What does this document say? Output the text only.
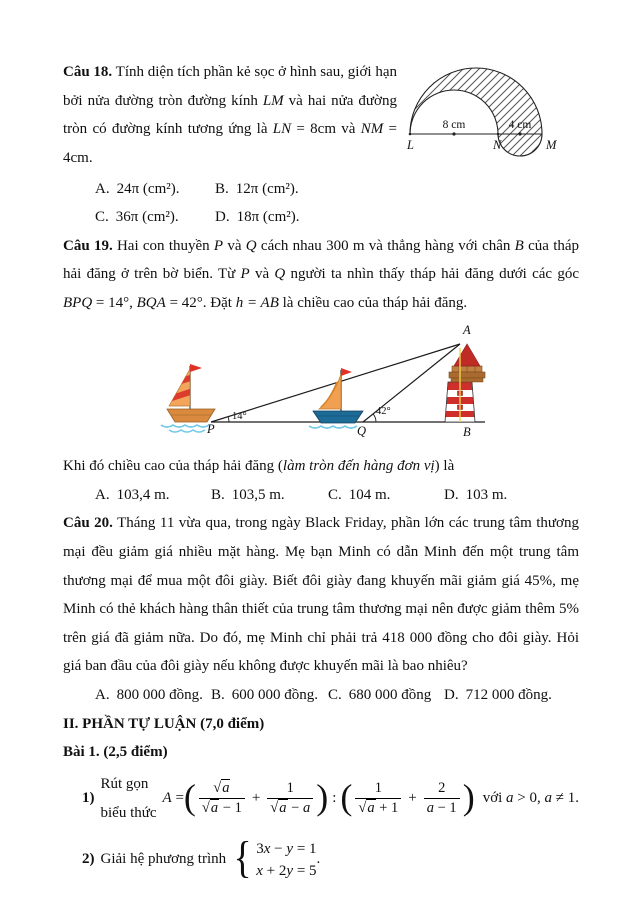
Câu 18. Tính diện tích phần kẻ sọc ở hình sau, giới hạn bởi nửa đường tròn đường kính LM và hai nửa đường tròn có đường kính tương ứng là LN = 8cm và NM = 4cm.

8 cm	4 cm
L	N	M
A. 24π (cm²).	B. 12π (cm²).
C. 36π (cm²).	D. 18π (cm²).

Câu 19. Hai con thuyền P và Q cách nhau 300 m và thẳng hàng với chân B của tháp hải đăng ở trên bờ biển. Từ P và Q người ta nhìn thấy tháp hải đăng dưới các góc BPQ = 14°, BQA = 42°. Đặt h = AB là chiều cao của tháp hải đăng.

A
B
P	Q
14°	42°

Khi đó chiều cao của tháp hải đăng (làm tròn đến hàng đơn vị) là

A. 103,4 m.	B. 103,5 m.	C. 104 m.	D. 103 m.

Câu 20. Tháng 11 vừa qua, trong ngày Black Friday, phần lớn các trung tâm thương mại đều giảm giá nhiều mặt hàng. Mẹ bạn Minh có dẫn Minh đến một trung tâm thương mại để mua một đôi giày. Biết đôi giày đang khuyến mãi giảm giá 45%, mẹ Minh có thẻ khách hàng thân thiết của trung tâm thương mại nên được giảm thêm 5% trên giá đã giảm nữa. Do đó, mẹ Minh chỉ phải trả 418 000 đồng cho đôi giày. Hỏi giá ban đầu của đôi giày nếu không được khuyến mãi là bao nhiêu?

A. 800 000 đồng. B. 600 000 đồng. C. 680 000 đồng D. 712 000 đồng.

II. PHẦN TỰ LUẬN (7,0 điểm)

Bài 1. (2,5 điểm)

1)
Rút gọn biểu thức
A
= ( $\frac{√a}{√a - 1} + \frac{1}{√a - a}$ ) : ( $\frac{1}{√a + 1} + \frac{2}{a - 1}$ ) với a > 0, a ≠ 1.
2) Giải hệ phương trình { 3x − y = 1
x + 2y = 5
.
